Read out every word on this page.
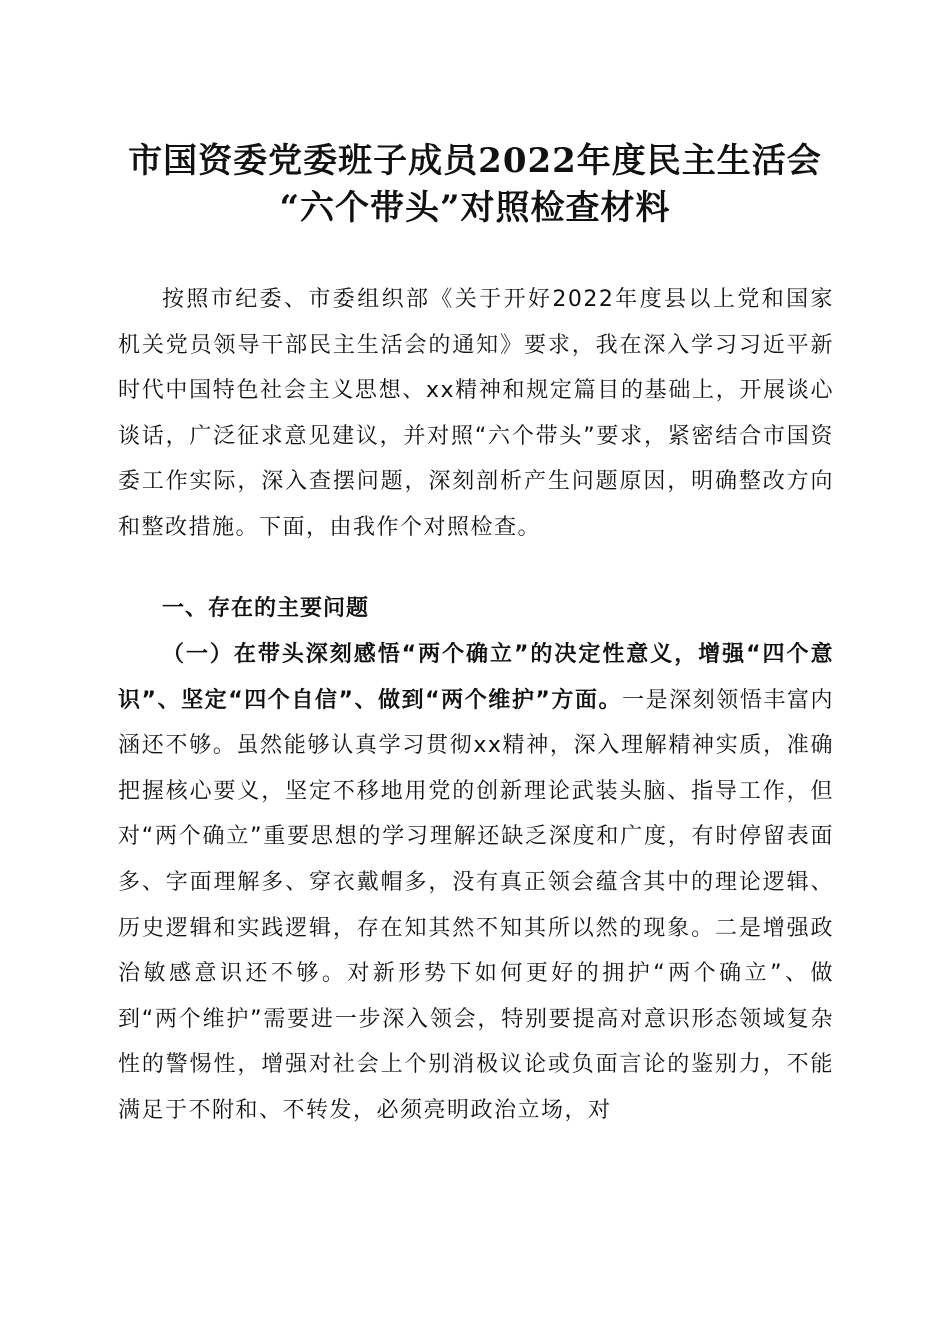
市国资委党委班子成员2022年度民主生活会
“六个带头”对照检查材料

按照市纪委、市委组织部《关于开好2022年度县以上党和国家机关党员领导干部民主生活会的通知》要求，我在深入学习习近平新时代中国特色社会主义思想、xx精神和规定篇目的基础上，开展谈心谈话，广泛征求意见建议，并对照“六个带头”要求，紧密结合市国资委工作实际，深入查摆问题，深刻剖析产生问题原因，明确整改方向和整改措施。下面，由我作个对照检查。

一、存在的主要问题

（一）在带头深刻感悟“两个确立”的决定性意义，增强“四个意识”、坚定“四个自信”、做到“两个维护”方面。一是深刻领悟丰富内涵还不够。虽然能够认真学习贯彻xx精神，深入理解精神实质，准确把握核心要义，坚定不移地用党的创新理论武装头脑、指导工作，但对“两个确立”重要思想的学习理解还缺乏深度和广度，有时停留表面多、字面理解多、穿衣戴帽多，没有真正领会蕴含其中的理论逻辑、历史逻辑和实践逻辑，存在知其然不知其所以然的现象。二是增强政治敏感意识还不够。对新形势下如何更好的拥护“两个确立”、做到“两个维护”需要进一步深入领会，特别要提高对意识形态领域复杂性的警惕性，增强对社会上个别消极议论或负面言论的鉴别力，不能满足于不附和、不转发，必须亮明政治立场，对
